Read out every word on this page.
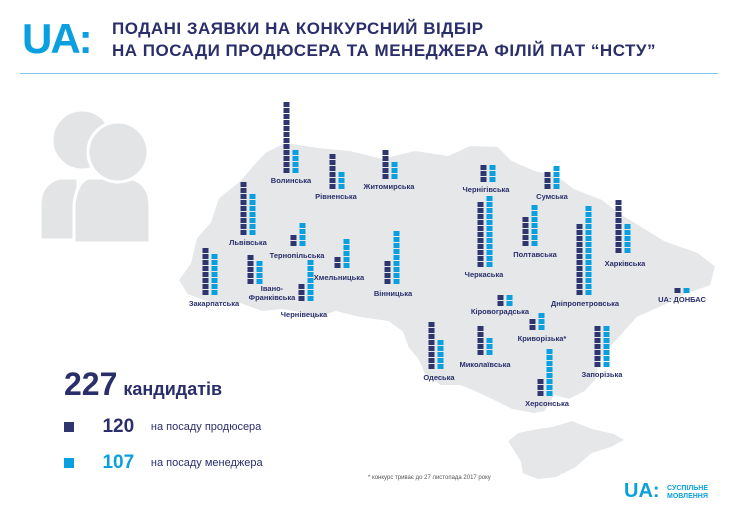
UA: ПОДАНІ ЗАЯВКИ НА КОНКУРСНИЙ ВІДБІР
НА ПОСАДИ ПРОДЮСЕРА ТА МЕНЕДЖЕРА ФІЛІЙ ПАТ “НСТУ”
Волинська
Рівненська
Житомирська	Чернігівська
Сумська
Львівська
Тернопільська
Хмельницька
Вінницька
Закарпатська
Івано-Франківська
Чернівецька
Черкаська
Полтавська
Харківська
Дніпропетровська	UA: ДОНБАС
Кіровоградська
Криворізька*
Одеська
Миколаївська
Херсонська
Запорізька
227 кандидатів
120 на посаду продюсера
107 на посаду менеджера
* конкурс триває до 27 листопада 2017 року
UA: СУСПІЛЬНЕ
МОВЛЕННЯ
